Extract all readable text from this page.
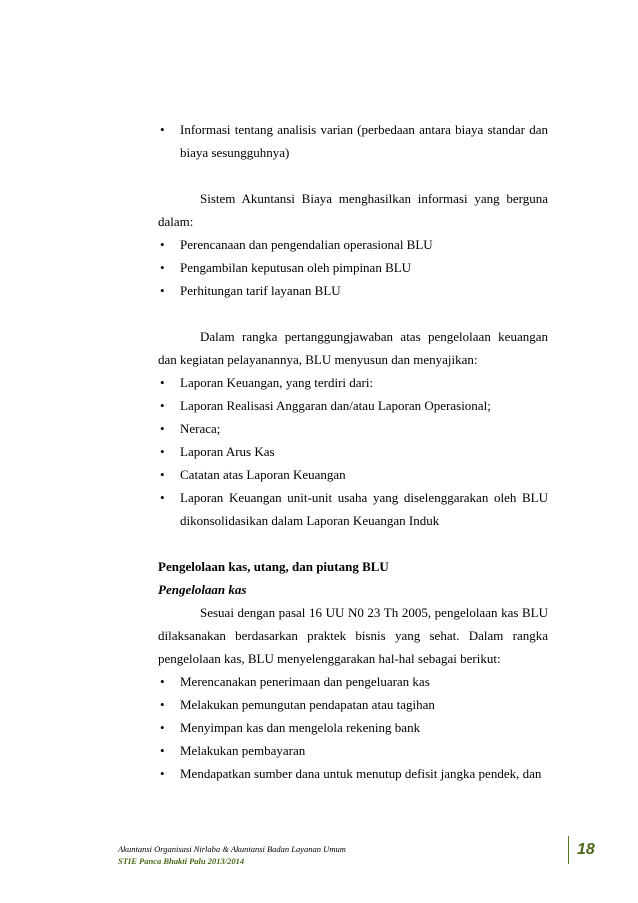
• Informasi tentang analisis varian (perbedaan antara biaya standar dan biaya sesungguhnya)

Sistem Akuntansi Biaya menghasilkan informasi yang berguna dalam:

• Perencanaan dan pengendalian operasional BLU
• Pengambilan keputusan oleh pimpinan BLU
• Perhitungan tarif layanan BLU

Dalam rangka pertanggungjawaban atas pengelolaan keuangan dan kegiatan pelayanannya, BLU menyusun dan menyajikan:

• Laporan Keuangan, yang terdiri dari:
• Laporan Realisasi Anggaran dan/atau Laporan Operasional;
• Neraca;
• Laporan Arus Kas
• Catatan atas Laporan Keuangan
• Laporan Keuangan unit-unit usaha yang diselenggarakan oleh BLU dikonsolidasikan dalam Laporan Keuangan Induk

Pengelolaan kas, utang, dan piutang BLU

Pengelolaan kas

Sesuai dengan pasal 16 UU N0 23 Th 2005, pengelolaan kas BLU dilaksanakan berdasarkan praktek bisnis yang sehat. Dalam rangka pengelolaan kas, BLU menyelenggarakan hal-hal sebagai berikut:

• Merencanakan penerimaan dan pengeluaran kas
• Melakukan pemungutan pendapatan atau tagihan
• Menyimpan kas dan mengelola rekening bank
• Melakukan pembayaran
• Mendapatkan sumber dana untuk menutup defisit jangka pendek, dan
Akuntansi Organisasi Nirlaba & Akuntansi Badan Layanan Umum
STIE Panca Bhakti Palu 2013/2014
18
